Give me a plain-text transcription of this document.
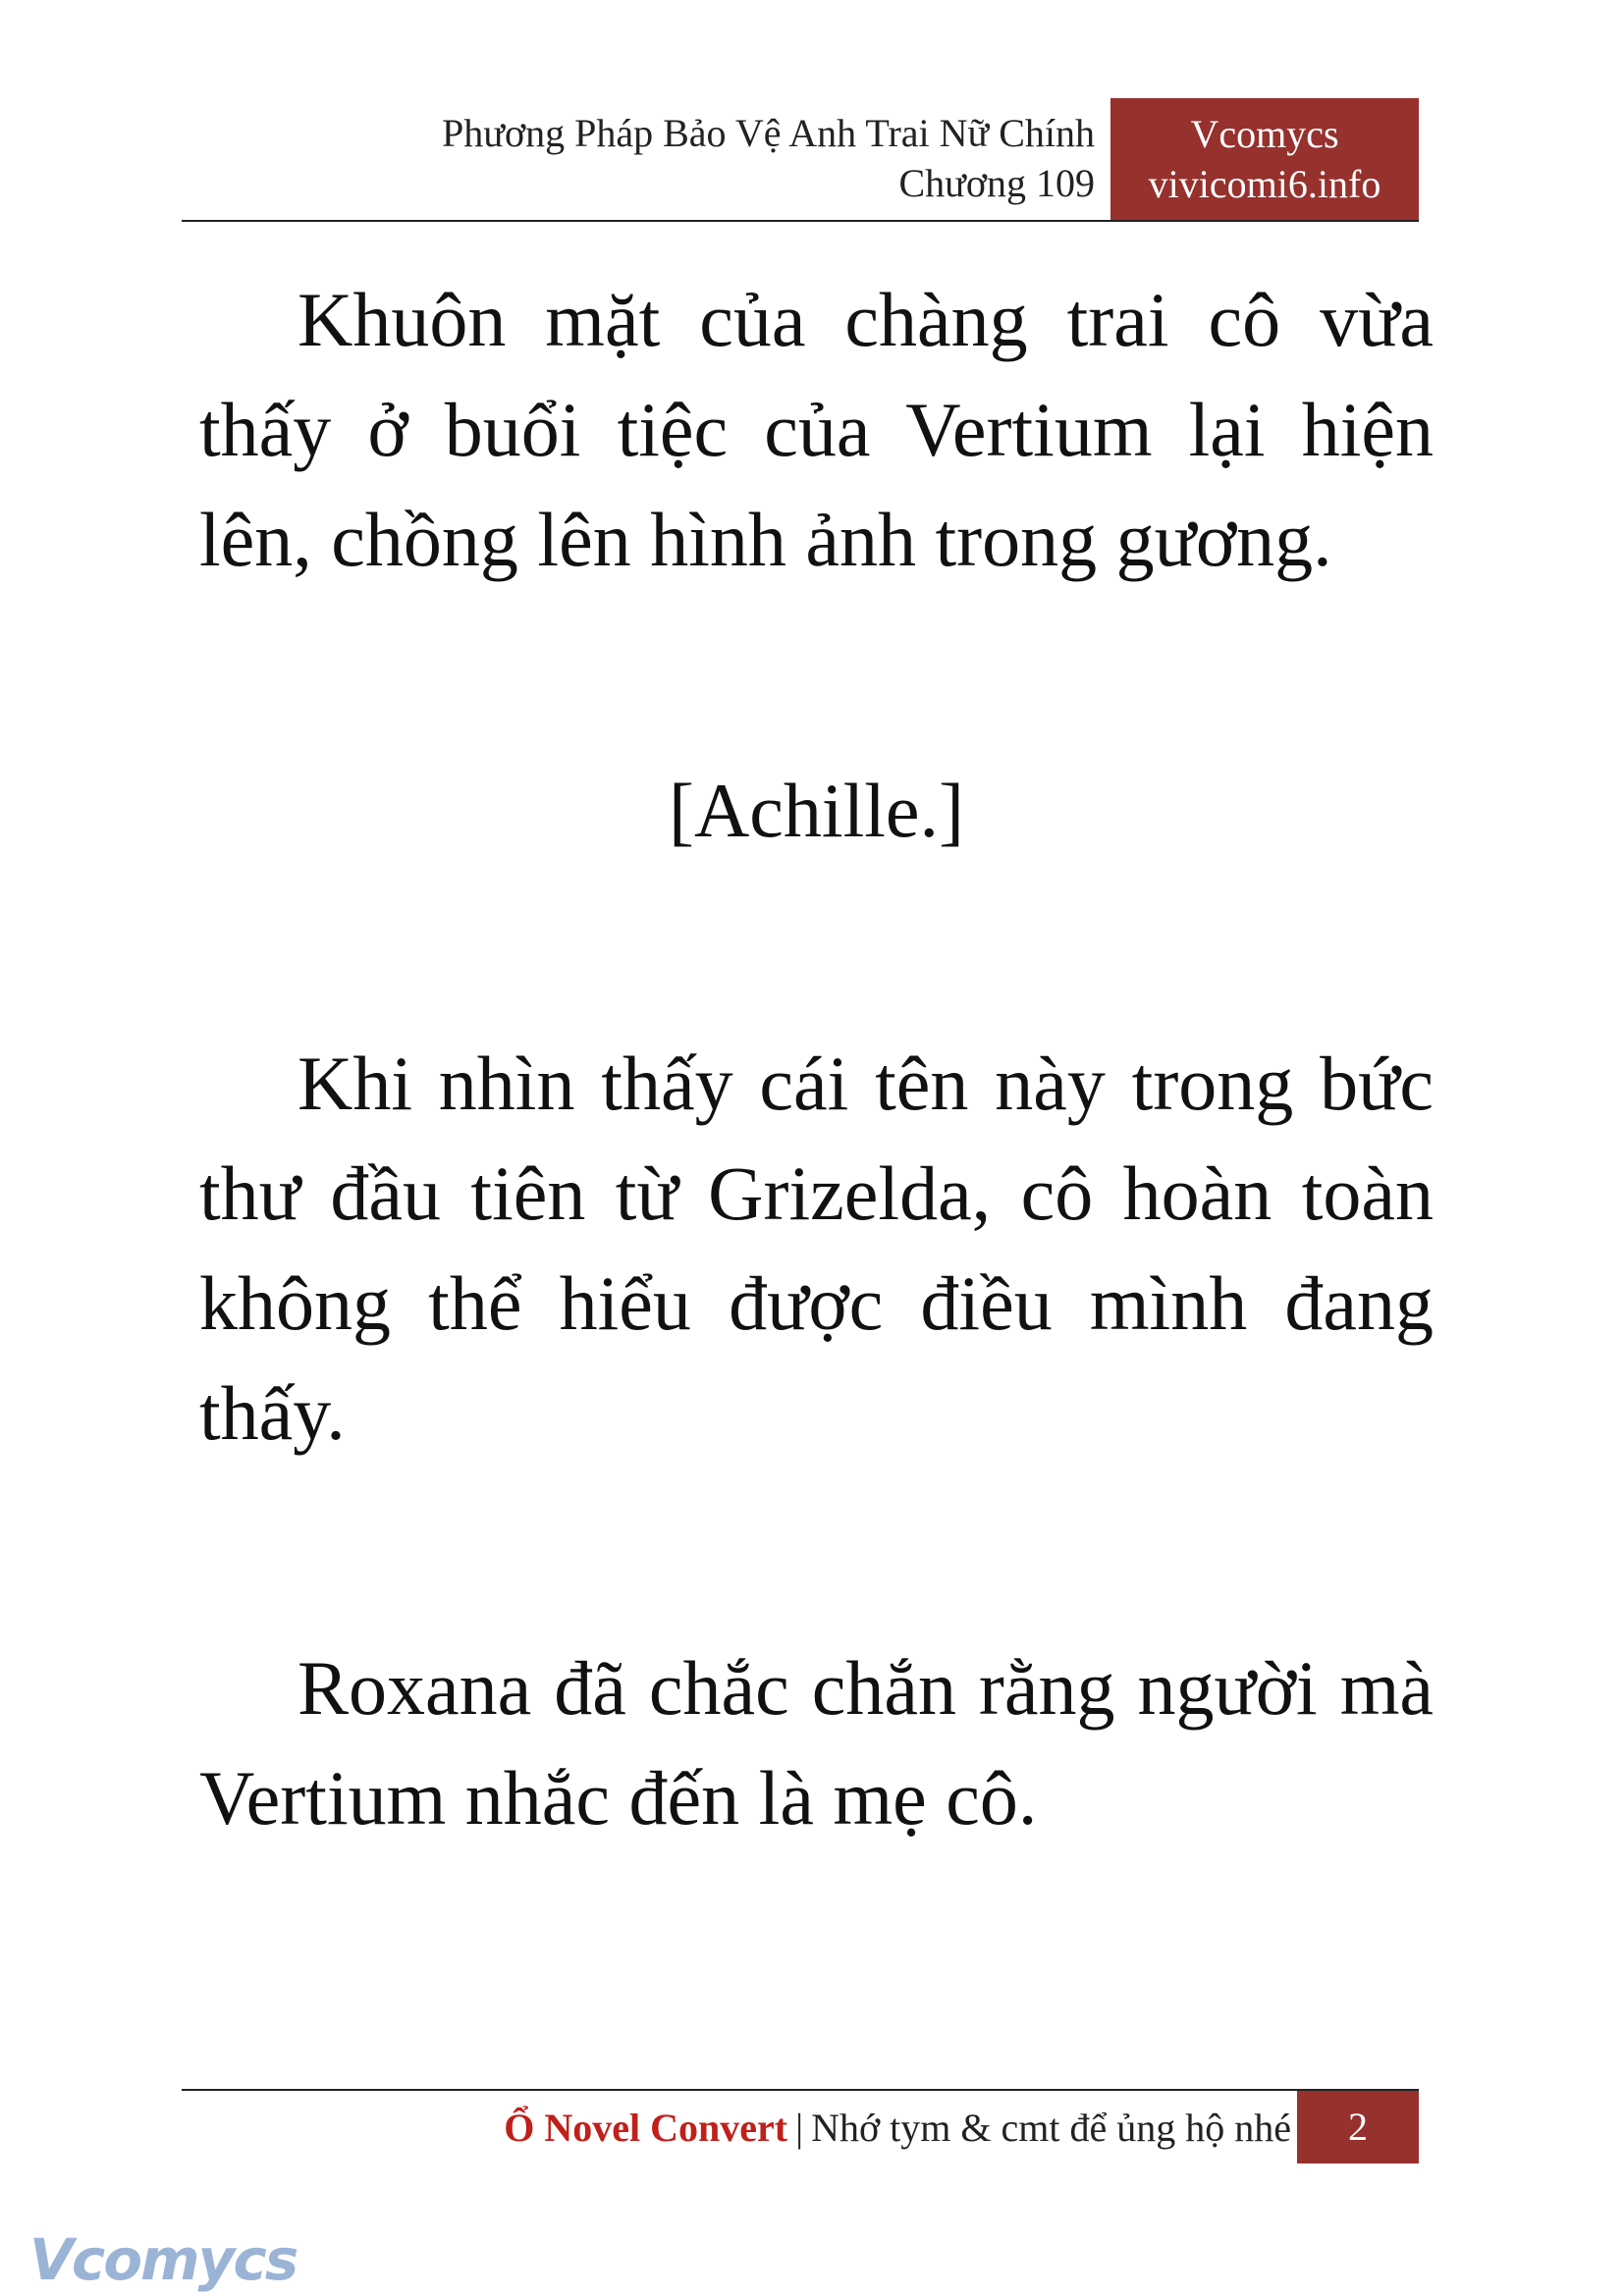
Phương Pháp Bảo Vệ Anh Trai Nữ Chính
Chương 109
Vcomycs
vivicomi6.info

Khuôn mặt của chàng trai cô vừa thấy ở buổi tiệc của Vertium lại hiện lên, chồng lên hình ảnh trong gương.

[Achille.]

Khi nhìn thấy cái tên này trong bức thư đầu tiên từ Grizelda, cô hoàn toàn không thể hiểu được điều mình đang thấy.

Roxana đã chắc chắn rằng người mà Vertium nhắc đến là mẹ cô.

Ổ Novel Convert | Nhớ tym & cmt để ủng hộ nhé	2
Vcomycs
